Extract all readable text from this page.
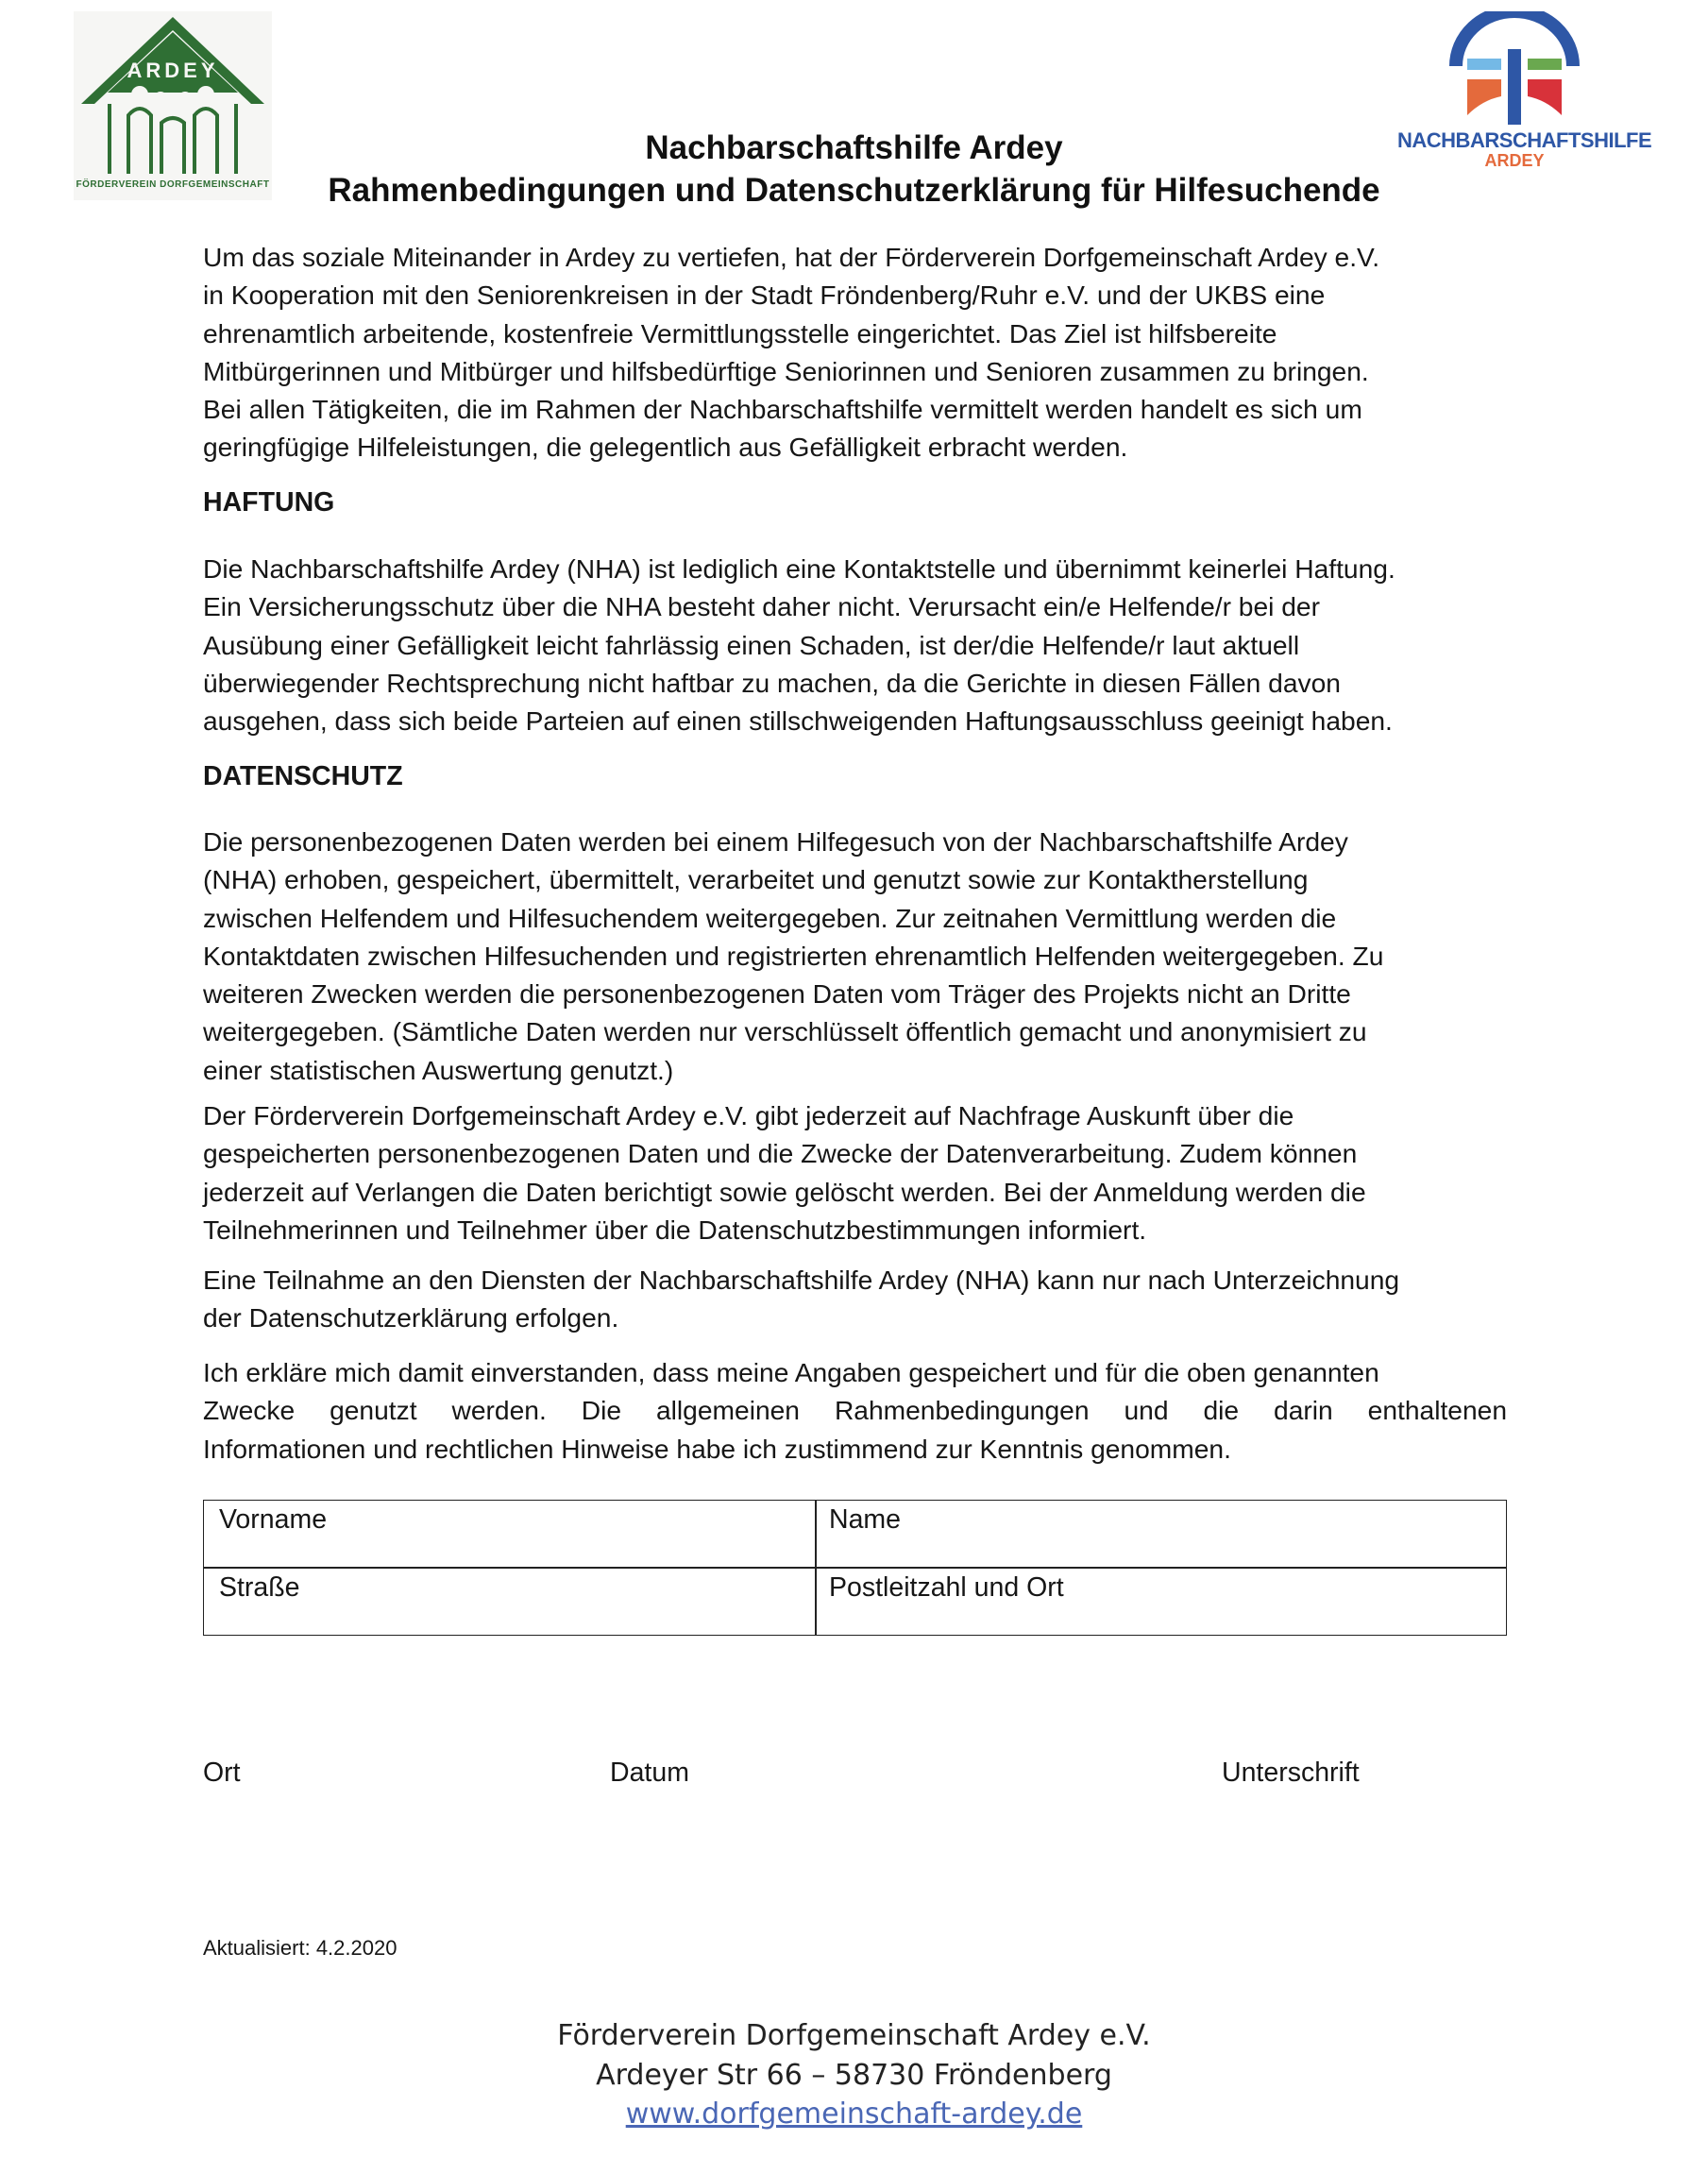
ARDEY
FÖRDERVEREIN DORFGEMEINSCHAFT
NACHBARSCHAFTSHILFE
ARDEY
Nachbarschaftshilfe Ardey
Rahmenbedingungen und Datenschutzerklärung für Hilfesuchende
Um das soziale Miteinander in Ardey zu vertiefen, hat der Förderverein Dorfgemeinschaft Ardey e.V.
in Kooperation mit den Seniorenkreisen in der Stadt Fröndenberg/Ruhr e.V. und der UKBS eine
ehrenamtlich arbeitende, kostenfreie Vermittlungsstelle eingerichtet. Das Ziel ist hilfsbereite
Mitbürgerinnen und Mitbürger und hilfsbedürftige Seniorinnen und Senioren zusammen zu bringen.
Bei allen Tätigkeiten, die im Rahmen der Nachbarschaftshilfe vermittelt werden handelt es sich um
geringfügige Hilfeleistungen, die gelegentlich aus Gefälligkeit erbracht werden.
HAFTUNG
Die Nachbarschaftshilfe Ardey (NHA) ist lediglich eine Kontaktstelle und übernimmt keinerlei Haftung.
Ein Versicherungsschutz über die NHA besteht daher nicht. Verursacht ein/e Helfende/r bei der
Ausübung einer Gefälligkeit leicht fahrlässig einen Schaden, ist der/die Helfende/r laut aktuell
überwiegender Rechtsprechung nicht haftbar zu machen, da die Gerichte in diesen Fällen davon
ausgehen, dass sich beide Parteien auf einen stillschweigenden Haftungsausschluss geeinigt haben.
DATENSCHUTZ
Die personenbezogenen Daten werden bei einem Hilfegesuch von der Nachbarschaftshilfe Ardey
(NHA) erhoben, gespeichert, übermittelt, verarbeitet und genutzt sowie zur Kontaktherstellung
zwischen Helfendem und Hilfesuchendem weitergegeben. Zur zeitnahen Vermittlung werden die
Kontaktdaten zwischen Hilfesuchenden und registrierten ehrenamtlich Helfenden weitergegeben. Zu
weiteren Zwecken werden die personenbezogenen Daten vom Träger des Projekts nicht an Dritte
weitergegeben. (Sämtliche Daten werden nur verschlüsselt öffentlich gemacht und anonymisiert zu
einer statistischen Auswertung genutzt.)
Der Förderverein Dorfgemeinschaft Ardey e.V. gibt jederzeit auf Nachfrage Auskunft über die
gespeicherten personenbezogenen Daten und die Zwecke der Datenverarbeitung. Zudem können
jederzeit auf Verlangen die Daten berichtigt sowie gelöscht werden. Bei der Anmeldung werden die
Teilnehmerinnen und Teilnehmer über die Datenschutzbestimmungen informiert.
Eine Teilnahme an den Diensten der Nachbarschaftshilfe Ardey (NHA) kann nur nach Unterzeichnung
der Datenschutzerklärung erfolgen.
Ich erkläre mich damit einverstanden, dass meine Angaben gespeichert und für die oben genannten
Zwecke genutzt werden. Die allgemeinen Rahmenbedingungen und die darin enthaltenen
Informationen und rechtlichen Hinweise habe ich zustimmend zur Kenntnis genommen.
Vorname	Name
Straße	Postleitzahl und Ort
Ort	Datum	Unterschrift
Aktualisiert: 4.2.2020
Förderverein Dorfgemeinschaft Ardey e.V.
Ardeyer Str 66 – 58730 Fröndenberg
www.dorfgemeinschaft-ardey.de
